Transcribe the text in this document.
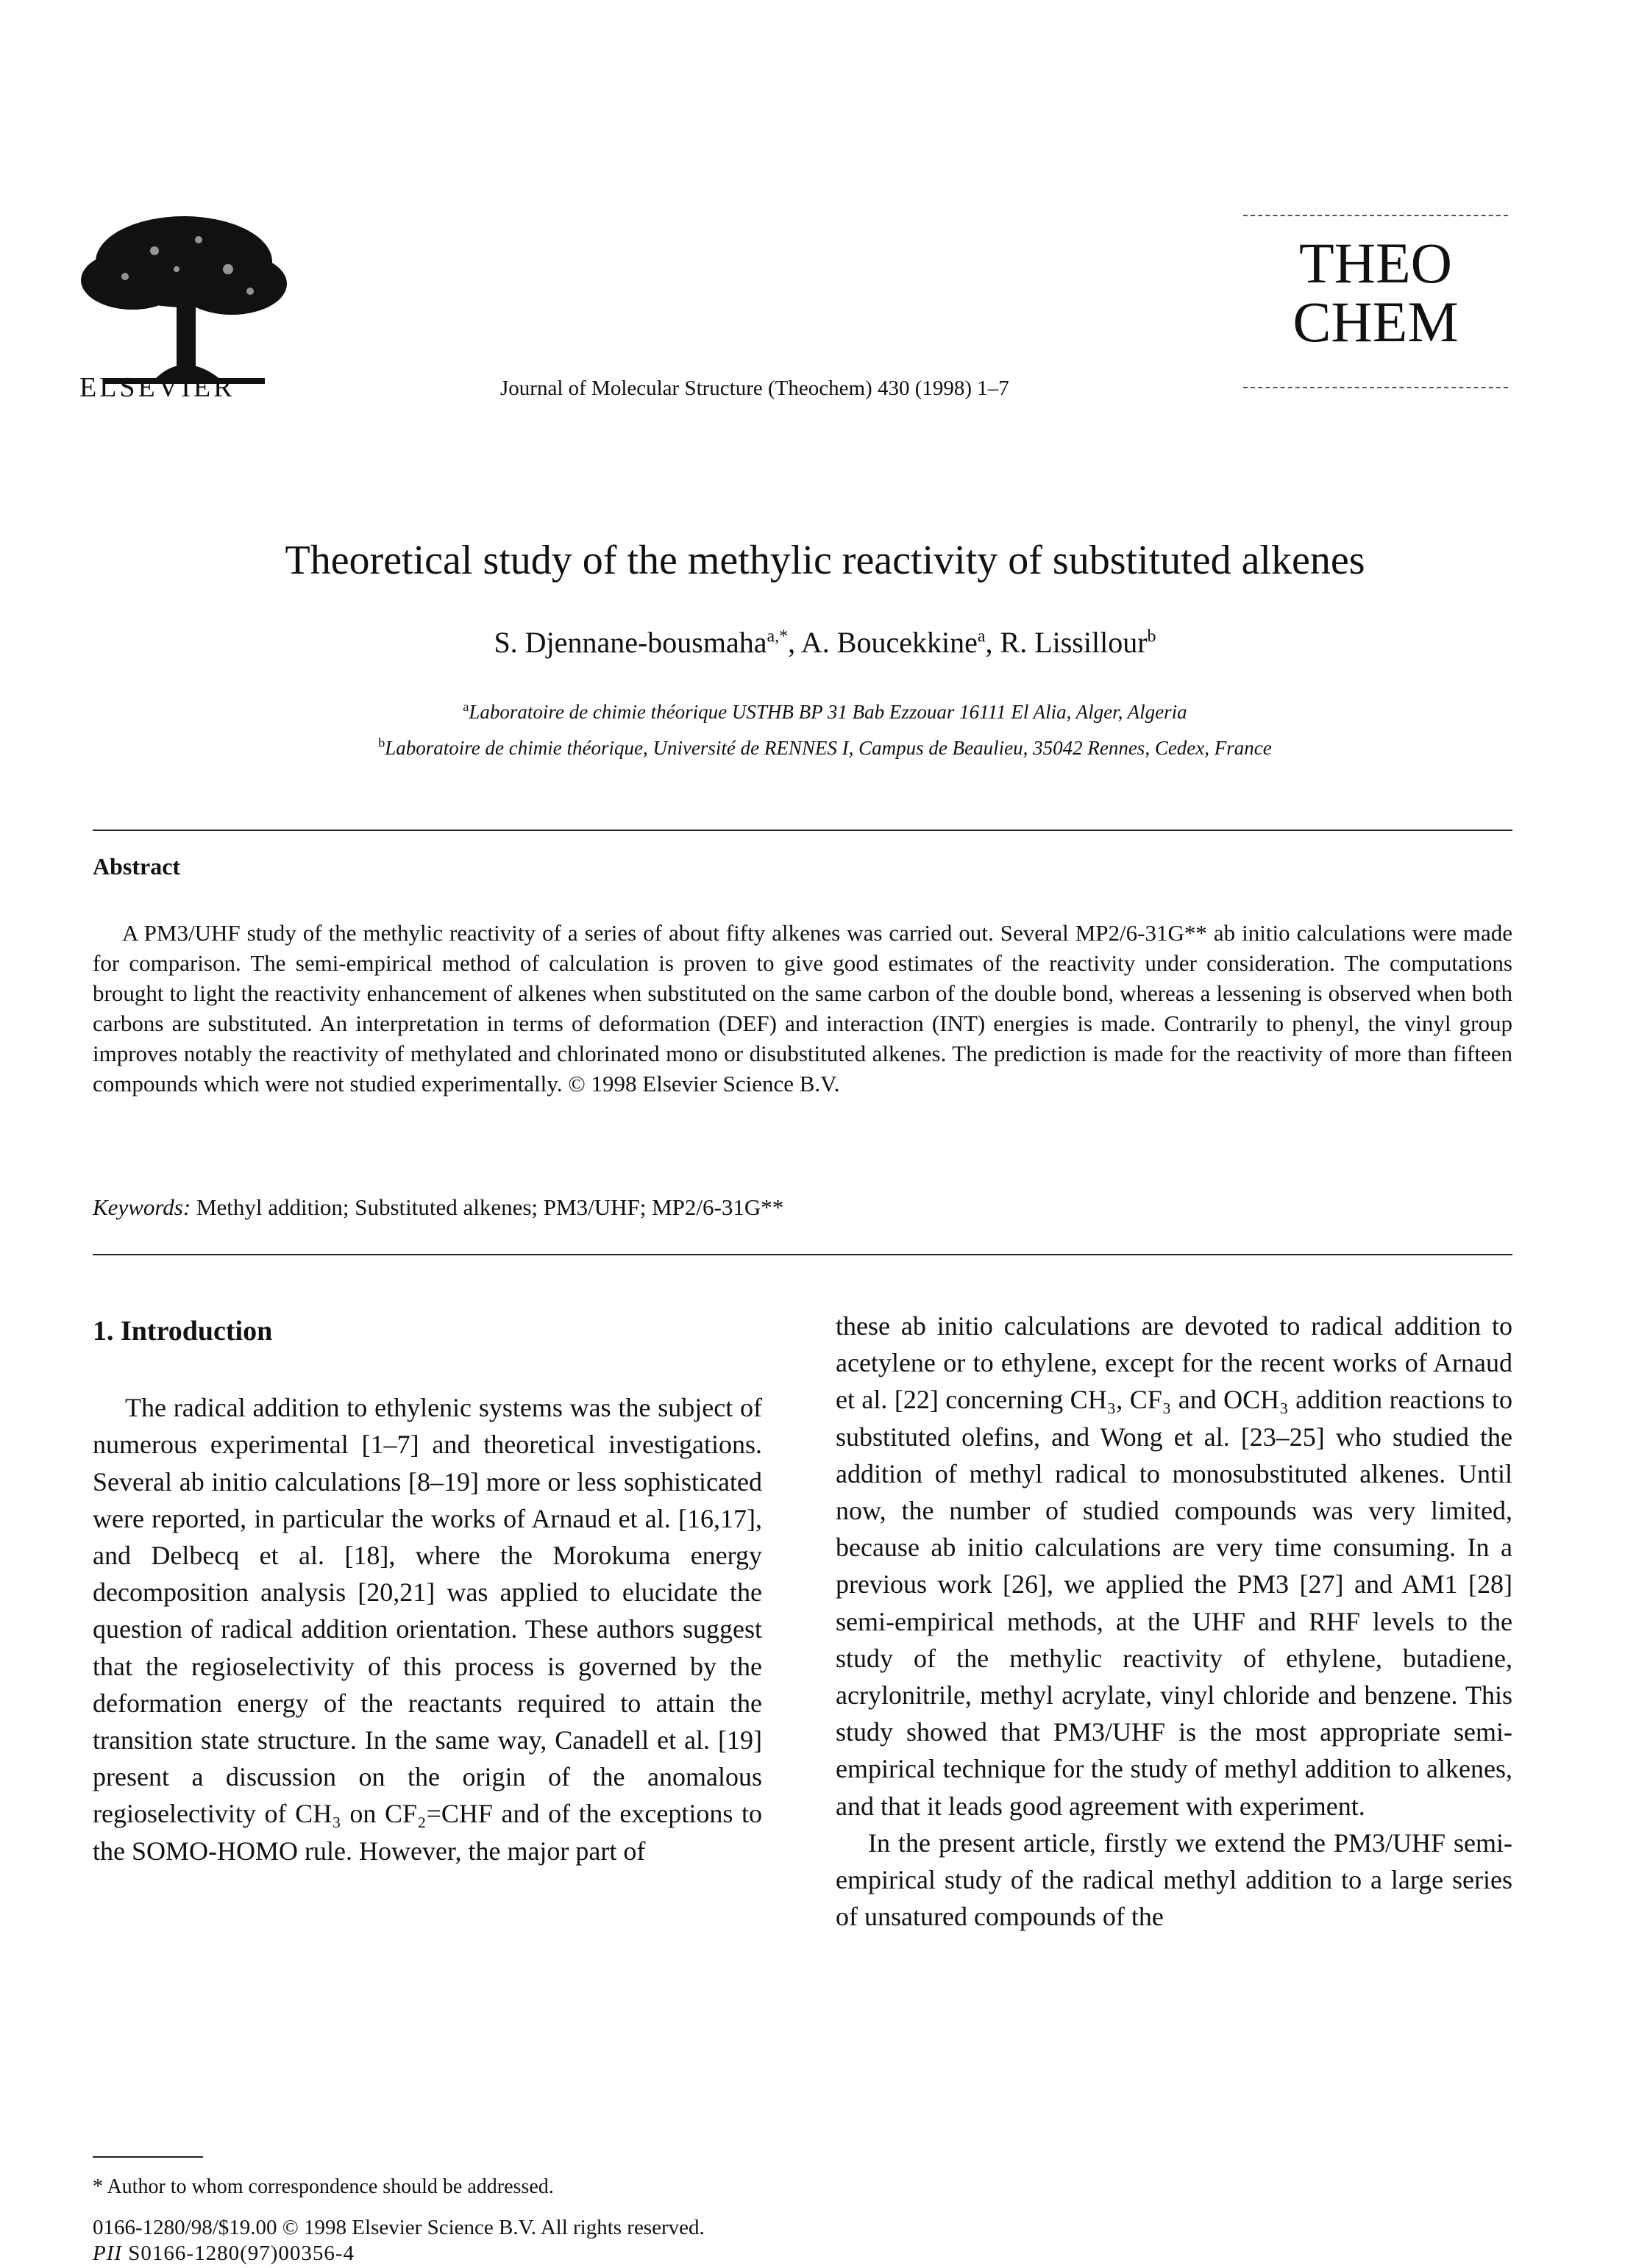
ELSEVIER	Journal of Molecular Structure (Theochem) 430 (1998) 1–7
THEO
CHEM
Theoretical study of the methylic reactivity of substituted alkenes
S. Djennane-bousmaha$^{a,*}$, A. Boucekkine$^a$, R. Lissillour$^b$
$^a$Laboratoire de chimie théorique USTHB BP 31 Bab Ezzouar 16111 El Alia, Alger, Algeria
$^b$Laboratoire de chimie théorique, Université de RENNES I, Campus de Beaulieu, 35042 Rennes, Cedex, France
Abstract
A PM3/UHF study of the methylic reactivity of a series of about fifty alkenes was carried out. Several MP2/6-31G** ab initio calculations were made for comparison. The semi-empirical method of calculation is proven to give good estimates of the reactivity under consideration. The computations brought to light the reactivity enhancement of alkenes when substituted on the same carbon of the double bond, whereas a lessening is observed when both carbons are substituted. An interpretation in terms of deformation (DEF) and interaction (INT) energies is made. Contrarily to phenyl, the vinyl group improves notably the reactivity of methylated and chlorinated mono or disubstituted alkenes. The prediction is made for the reactivity of more than fifteen compounds which were not studied experimentally. © 1998 Elsevier Science B.V.
Keywords: Methyl addition; Substituted alkenes; PM3/UHF; MP2/6-31G**
1. Introduction

The radical addition to ethylenic systems was the subject of numerous experimental [1–7] and theoretical investigations. Several ab initio calculations [8–19] more or less sophisticated were reported, in particular the works of Arnaud et al. [16,17], and Delbecq et al. [18], where the Morokuma energy decomposition analysis [20,21] was applied to elucidate the question of radical addition orientation. These authors suggest that the regioselectivity of this process is governed by the deformation energy of the reactants required to attain the transition state structure. In the same way, Canadell et al. [19] present a discussion on the origin of the anomalous regioselectivity of CH₃ on CF₂=CHF and of the exceptions to the SOMO-HOMO rule. However, the major part of

these ab initio calculations are devoted to radical addition to acetylene or to ethylene, except for the recent works of Arnaud et al. [22] concerning CH₃, CF₃ and OCH₃ addition reactions to substituted olefins, and Wong et al. [23–25] who studied the addition of methyl radical to monosubstituted alkenes. Until now, the number of studied compounds was very limited, because ab initio calculations are very time consuming. In a previous work [26], we applied the PM3 [27] and AM1 [28] semi-empirical methods, at the UHF and RHF levels to the study of the methylic reactivity of ethylene, butadiene, acrylonitrile, methyl acrylate, vinyl chloride and benzene. This study showed that PM3/UHF is the most appropriate semi-empirical technique for the study of methyl addition to alkenes, and that it leads good agreement with experiment.

In the present article, firstly we extend the PM3/UHF semi-empirical study of the radical methyl addition to a large series of unsatured compounds of the

* Author to whom correspondence should be addressed.
0166-1280/98/$19.00 © 1998 Elsevier Science B.V. All rights reserved.
PII S0166-1280(97)00356-4
